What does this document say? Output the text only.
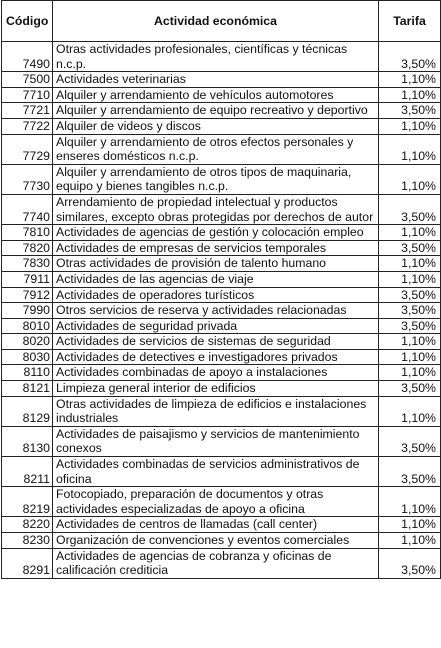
Código	Actividad económica	Tarifa
7490	Otras actividades profesionales, científicas y técnicas n.c.p.	3,50%
7500	Actividades veterinarias	1,10%
7710	Alquiler y arrendamiento de vehículos automotores	1,10%
7721	Alquiler y arrendamiento de equipo recreativo y deportivo	3,50%
7722	Alquiler de videos y discos	1,10%
7729	Alquiler y arrendamiento de otros efectos personales y enseres domésticos n.c.p.	1,10%
7730	Alquiler y arrendamiento de otros tipos de maquinaria, equipo y bienes tangibles n.c.p.	1,10%
7740	Arrendamiento de propiedad intelectual y productos similares, excepto obras protegidas por derechos de autor	3,50%
7810	Actividades de agencias de gestión y colocación empleo	1,10%
7820	Actividades de empresas de servicios temporales	3,50%
7830	Otras actividades de provisión de talento humano	1,10%
7911	Actividades de las agencias de viaje	1,10%
7912	Actividades de operadores turísticos	3,50%
7990	Otros servicios de reserva y actividades relacionadas	3,50%
8010	Actividades de seguridad privada	3,50%
8020	Actividades de servicios de sistemas de seguridad	1,10%
8030	Actividades de detectives e investigadores privados	1,10%
8110	Actividades combinadas de apoyo a instalaciones	1,10%
8121	Limpieza general interior de edificios	3,50%
8129	Otras actividades de limpieza de edificios e instalaciones industriales	1,10%
8130	Actividades de paisajismo y servicios de mantenimiento conexos	3,50%
8211	Actividades combinadas de servicios administrativos de oficina	3,50%
8219	Fotocopiado, preparación de documentos y otras actividades especializadas de apoyo a oficina	1,10%
8220	Actividades de centros de llamadas (call center)	1,10%
8230	Organización de convenciones y eventos comerciales	1,10%
8291	Actividades de agencias de cobranza y oficinas de calificación crediticia	3,50%
